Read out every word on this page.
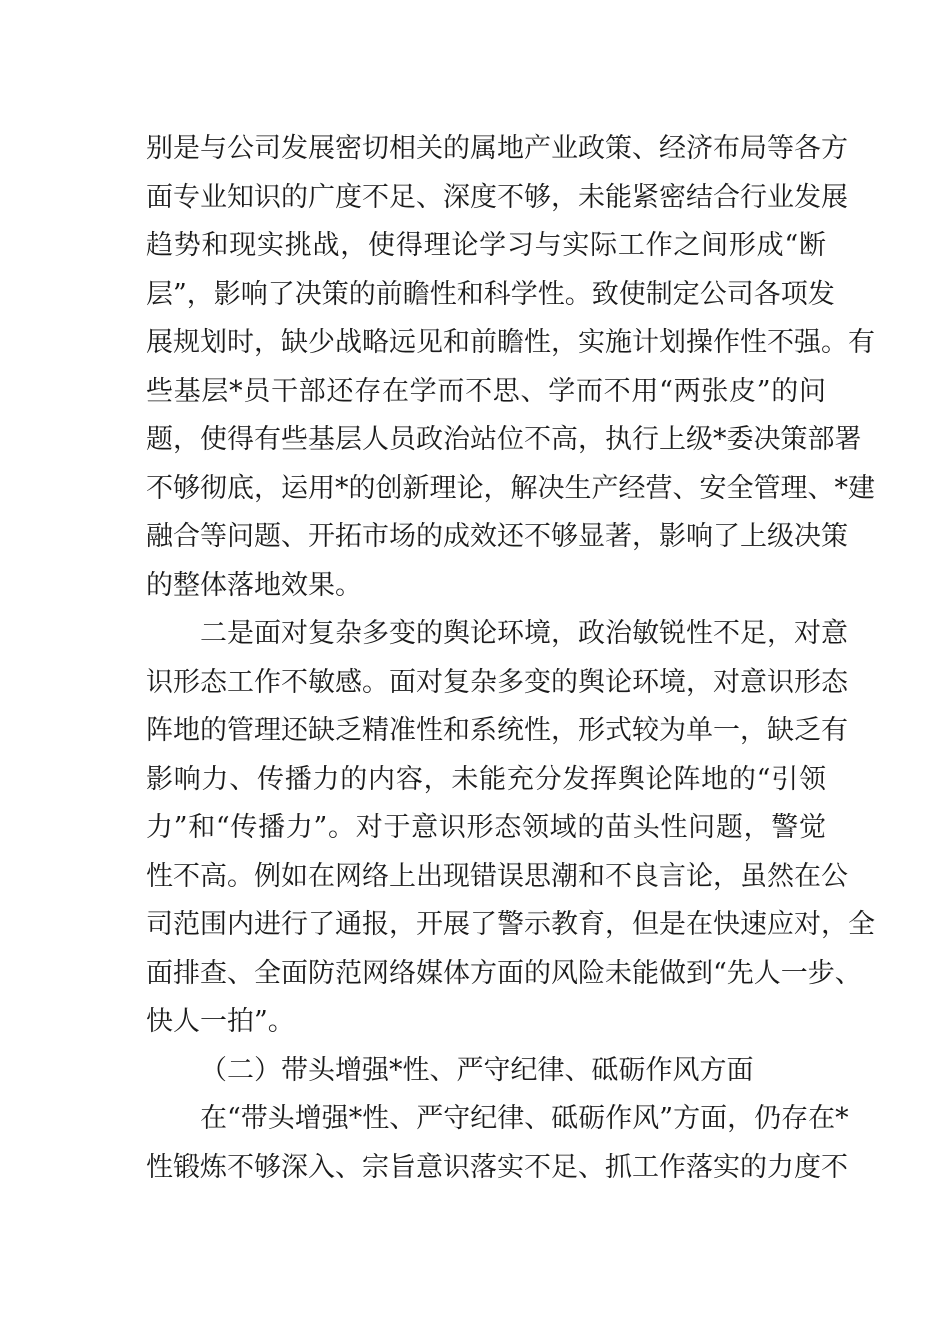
别是与公司发展密切相关的属地产业政策、经济布局等各方
面专业知识的广度不足、深度不够，未能紧密结合行业发展
趋势和现实挑战，使得理论学习与实际工作之间形成“断
层”，影响了决策的前瞻性和科学性。致使制定公司各项发
展规划时，缺少战略远见和前瞻性，实施计划操作性不强。有
些基层*员干部还存在学而不思、学而不用“两张皮”的问
题，使得有些基层人员政治站位不高，执行上级*委决策部署
不够彻底，运用*的创新理论，解决生产经营、安全管理、*建
融合等问题、开拓市场的成效还不够显著，影响了上级决策
的整体落地效果。
二是面对复杂多变的舆论环境，政治敏锐性不足，对意
识形态工作不敏感。面对复杂多变的舆论环境，对意识形态
阵地的管理还缺乏精准性和系统性，形式较为单一，缺乏有
影响力、传播力的内容，未能充分发挥舆论阵地的“引领
力”和“传播力”。对于意识形态领域的苗头性问题，警觉
性不高。例如在网络上出现错误思潮和不良言论，虽然在公
司范围内进行了通报，开展了警示教育，但是在快速应对，全
面排查、全面防范网络媒体方面的风险未能做到“先人一步、
快人一拍”。
（二）带头增强*性、严守纪律、砥砺作风方面
在“带头增强*性、严守纪律、砥砺作风”方面，仍存在*
性锻炼不够深入、宗旨意识落实不足、抓工作落实的力度不
